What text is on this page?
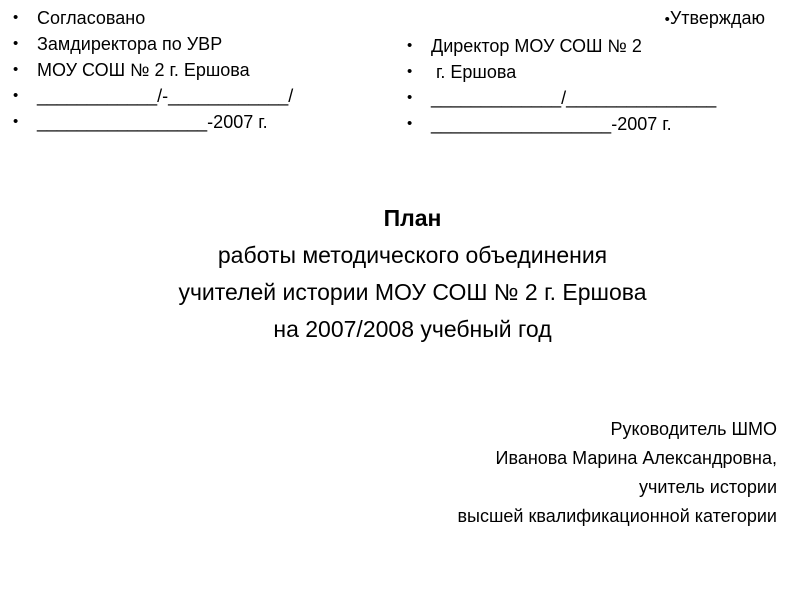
• Согласовано
• Замдиректора по УВР
• МОУ СОШ № 2 г. Ершова
• ____________/-____________/
• _________________-2007 г.
•Утверждаю
• Директор МОУ СОШ № 2
• г. Ершова
• _____________/_______________
• __________________-2007 г.
План
работы методического объединения
учителей истории МОУ СОШ № 2 г. Ершова
на 2007/2008 учебный год
Руководитель ШМО
Иванова Марина Александровна,
учитель истории
высшей квалификационной категории
